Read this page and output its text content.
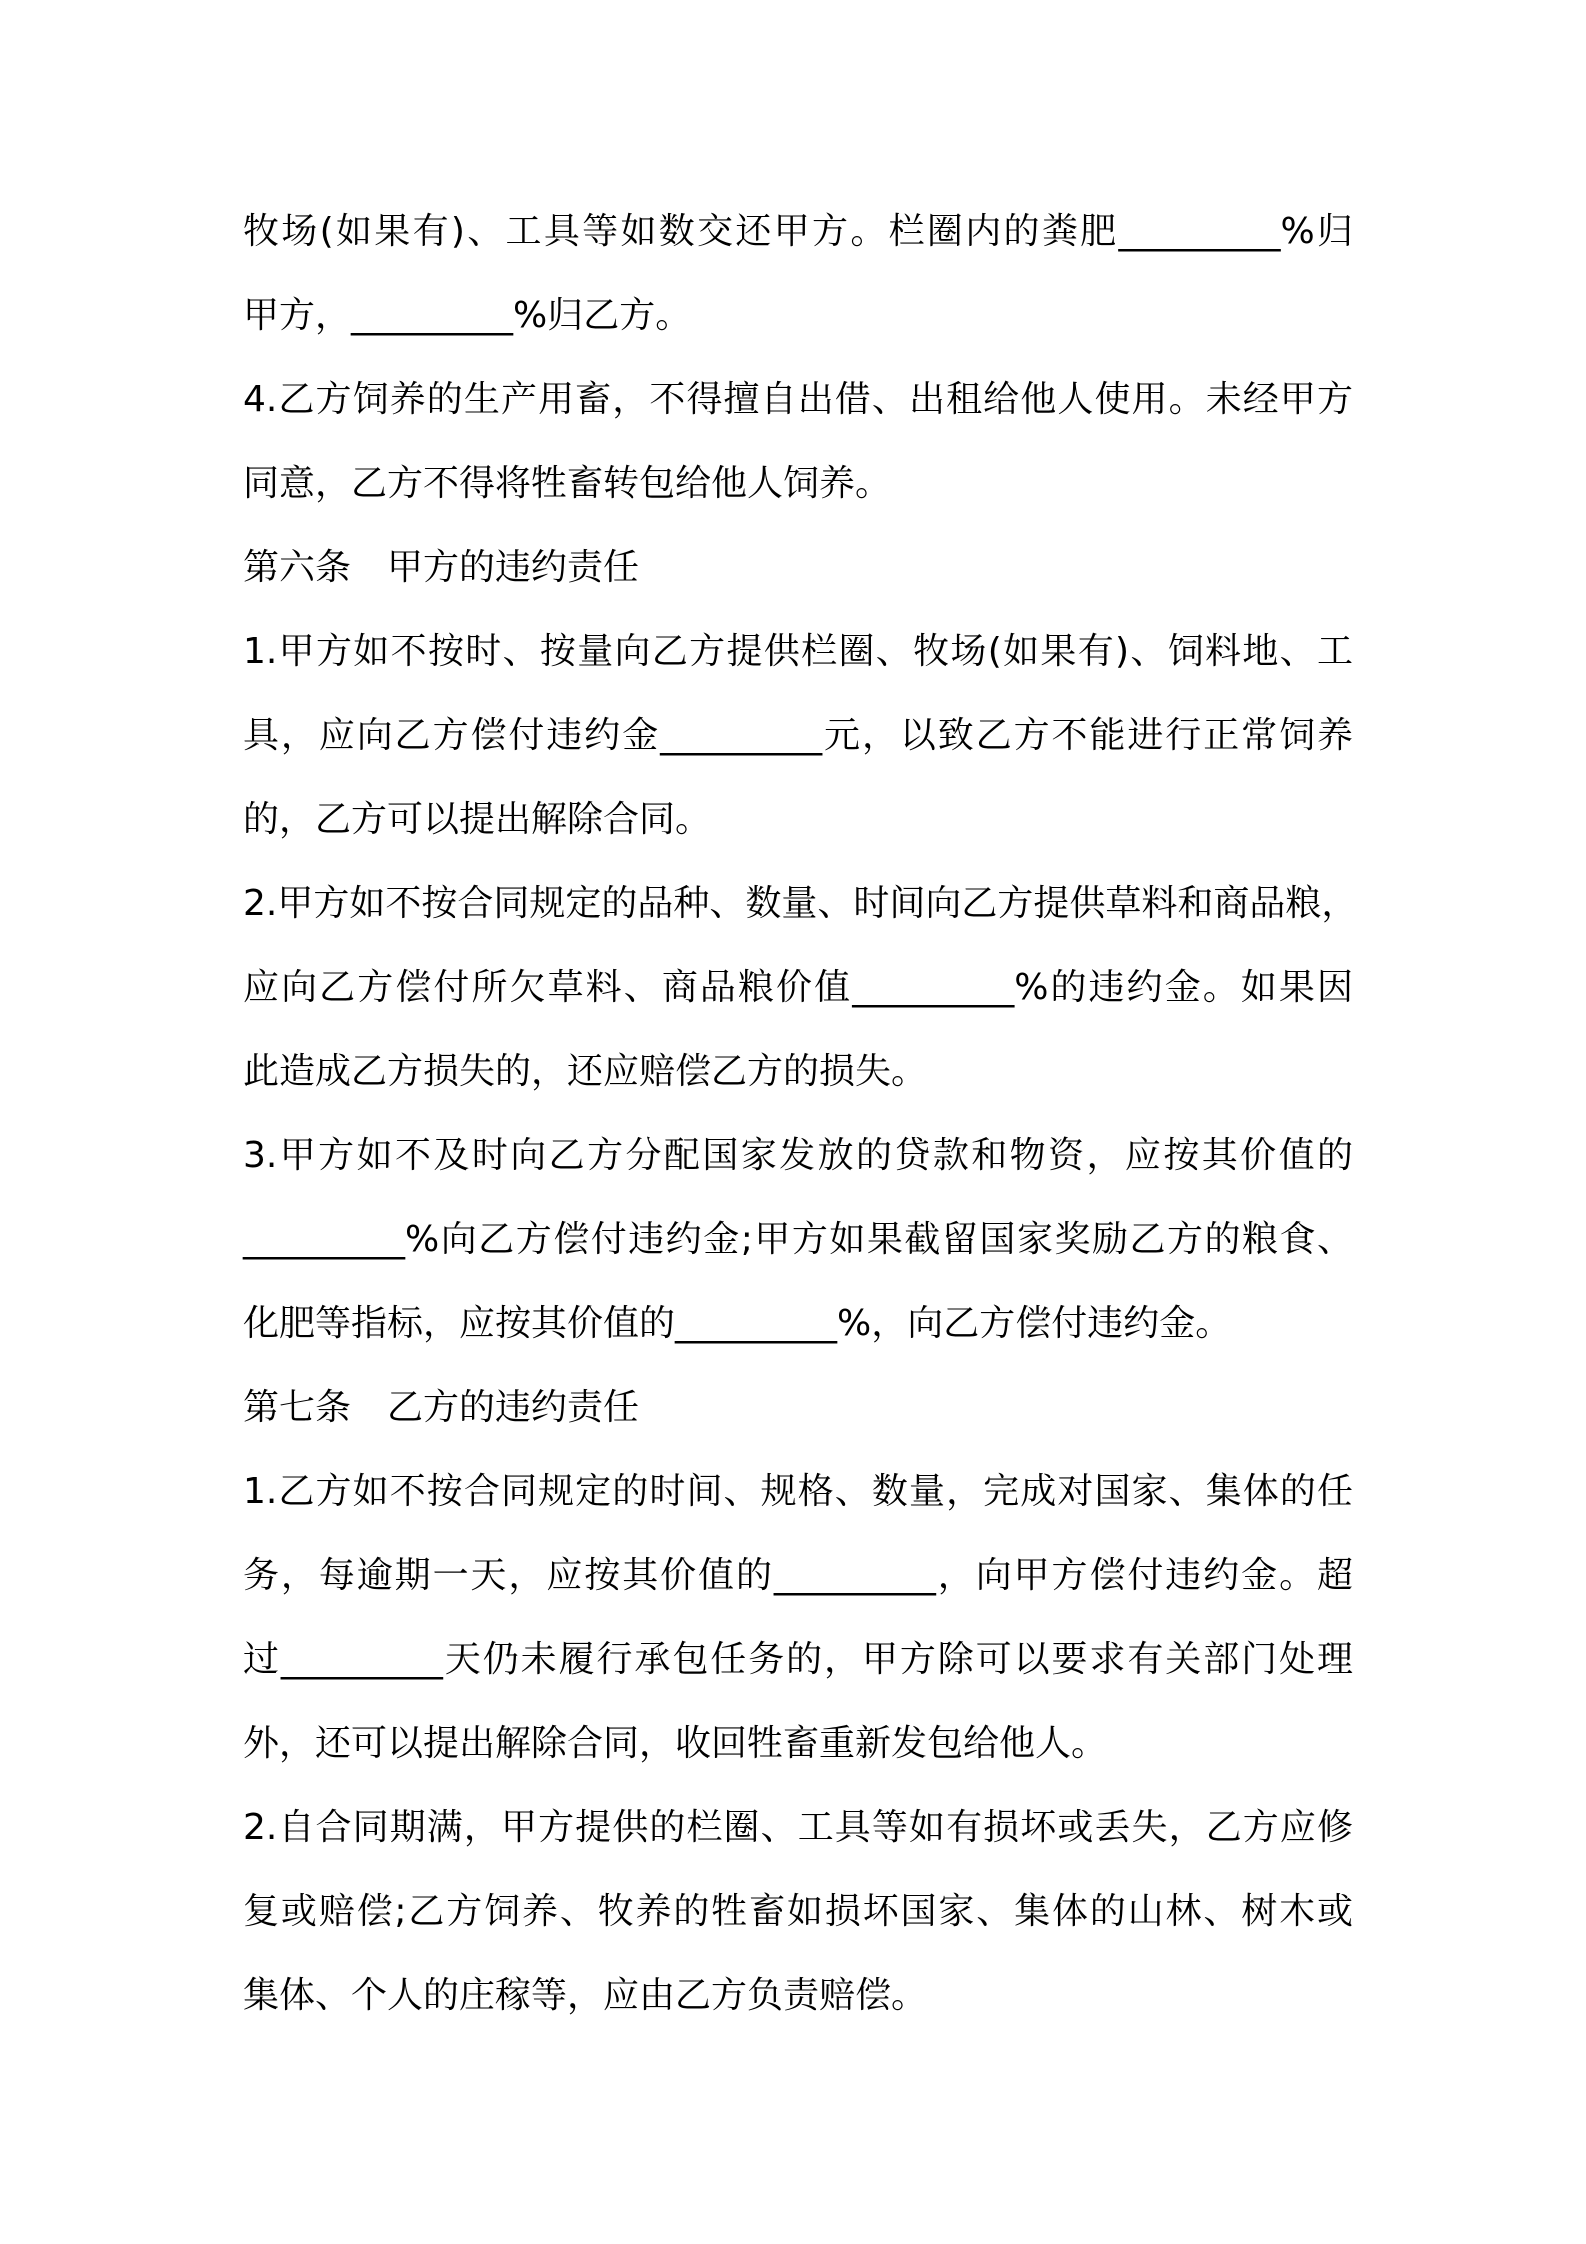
牧场(如果有)、工具等如数交还甲方。栏圈内的粪肥_________%归
甲方，_________%归乙方。
4.乙方饲养的生产用畜，不得擅自出借、出租给他人使用。未经甲方
同意，乙方不得将牲畜转包给他人饲养。
第六条　甲方的违约责任
1.甲方如不按时、按量向乙方提供栏圈、牧场(如果有)、饲料地、工
具，应向乙方偿付违约金_________元，以致乙方不能进行正常饲养
的，乙方可以提出解除合同。
2.甲方如不按合同规定的品种、数量、时间向乙方提供草料和商品粮，
应向乙方偿付所欠草料、商品粮价值_________%的违约金。如果因
此造成乙方损失的，还应赔偿乙方的损失。
3.甲方如不及时向乙方分配国家发放的贷款和物资，应按其价值的
_________%向乙方偿付违约金;甲方如果截留国家奖励乙方的粮食、
化肥等指标，应按其价值的_________%，向乙方偿付违约金。
第七条　乙方的违约责任
1.乙方如不按合同规定的时间、规格、数量，完成对国家、集体的任
务，每逾期一天，应按其价值的_________，向甲方偿付违约金。超
过_________天仍未履行承包任务的，甲方除可以要求有关部门处理
外，还可以提出解除合同，收回牲畜重新发包给他人。
2.自合同期满，甲方提供的栏圈、工具等如有损坏或丢失，乙方应修
复或赔偿;乙方饲养、牧养的牲畜如损坏国家、集体的山林、树木或
集体、个人的庄稼等，应由乙方负责赔偿。
